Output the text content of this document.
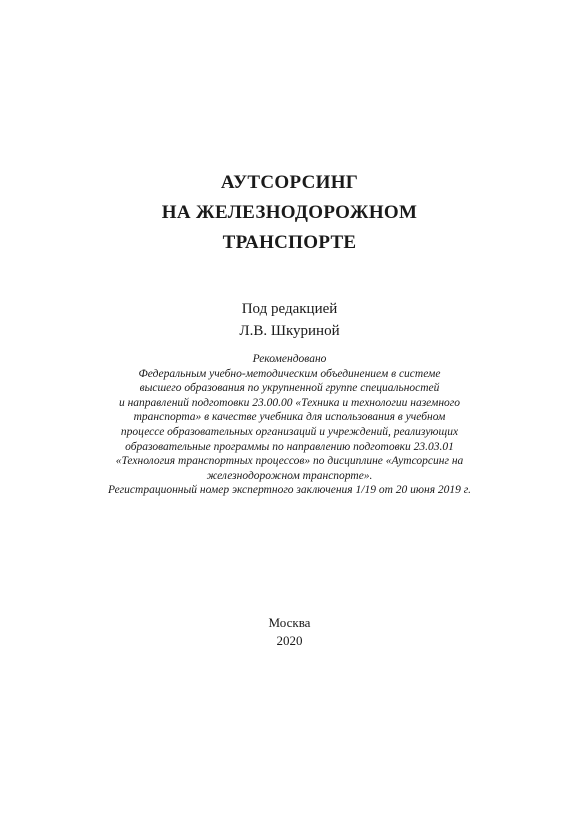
АУТСОРСИНГ
НА ЖЕЛЕЗНОДОРОЖНОМ
ТРАНСПОРТЕ
Под редакцией
Л.В. Шкуриной
Рекомендовано
Федеральным учебно-методическим объединением в системе
высшего образования по укрупненной группе специальностей
и направлений подготовки 23.00.00 «Техника и технологии наземного
транспорта» в качестве учебника для использования в учебном
процессе образовательных организаций и учреждений, реализующих
образовательные программы по направлению подготовки 23.03.01
«Технология транспортных процессов» по дисциплине «Аутсорсинг на
железнодорожном транспорте».
Регистрационный номер экспертного заключения 1/19 от 20 июня 2019 г.
Москва
2020
